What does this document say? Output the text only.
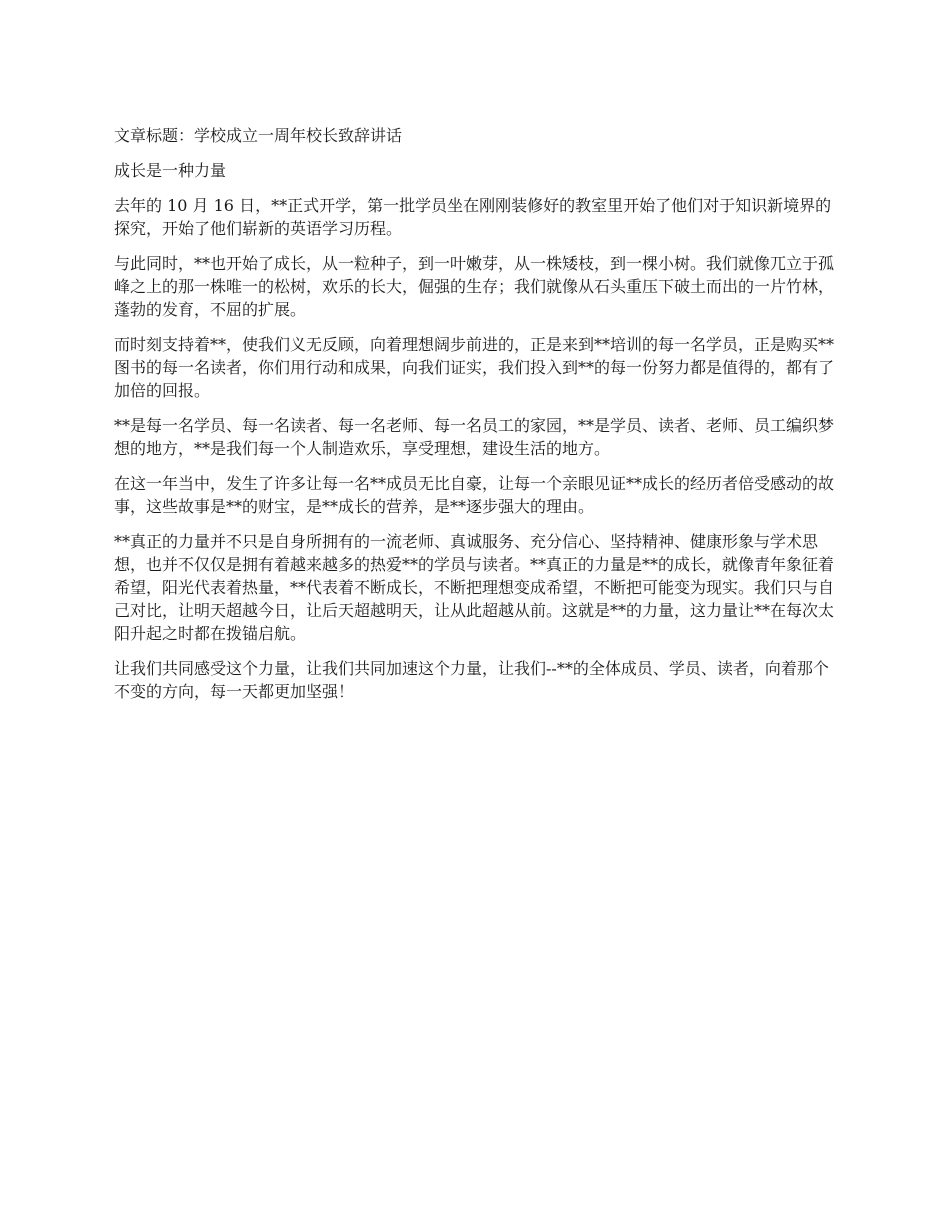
文章标题：学校成立一周年校长致辞讲话

成长是一种力量

去年的 10 月 16 日，**正式开学，第一批学员坐在刚刚装修好的教室里开始了他们对于知识新境界的探究，开始了他们崭新的英语学习历程。

与此同时，**也开始了成长，从一粒种子，到一叶嫩芽，从一株矮枝，到一棵小树。我们就像兀立于孤峰之上的那一株唯一的松树，欢乐的长大，倔强的生存；我们就像从石头重压下破土而出的一片竹林，蓬勃的发育，不屈的扩展。

而时刻支持着**，使我们义无反顾，向着理想阔步前进的，正是来到**培训的每一名学员，正是购买**图书的每一名读者，你们用行动和成果，向我们证实，我们投入到**的每一份努力都是值得的，都有了加倍的回报。

**是每一名学员、每一名读者、每一名老师、每一名员工的家园，**是学员、读者、老师、员工编织梦想的地方，**是我们每一个人制造欢乐，享受理想，建设生活的地方。

在这一年当中，发生了许多让每一名**成员无比自豪，让每一个亲眼见证**成长的经历者倍受感动的故事，这些故事是**的财宝，是**成长的营养，是**逐步强大的理由。

**真正的力量并不只是自身所拥有的一流老师、真诚服务、充分信心、坚持精神、健康形象与学术思想，也并不仅仅是拥有着越来越多的热爱**的学员与读者。**真正的力量是**的成长，就像青年象征着希望，阳光代表着热量，**代表着不断成长，不断把理想变成希望，不断把可能变为现实。我们只与自己对比，让明天超越今日，让后天超越明天，让从此超越从前。这就是**的力量，这力量让**在每次太阳升起之时都在拨锚启航。

让我们共同感受这个力量，让我们共同加速这个力量，让我们--**的全体成员、学员、读者，向着那个不变的方向，每一天都更加坚强！
